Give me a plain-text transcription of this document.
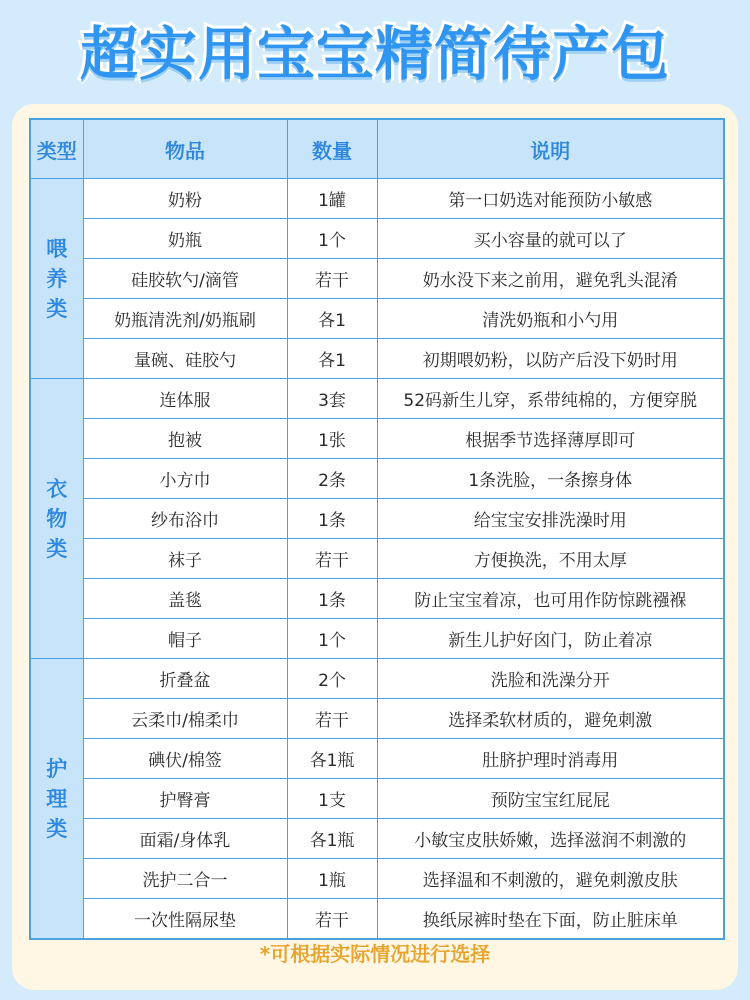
超实用宝宝精简待产包
类型	物品	数量	说明

喂
养
类	奶粉	1罐	第一口奶选对能预防小敏感
	奶瓶	1个	买小容量的就可以了
	硅胶软勺/滴管	若干	奶水没下来之前用，避免乳头混淆
	奶瓶清洗剂/奶瓶刷	各1	清洗奶瓶和小勺用
	量碗、硅胶勺	各1	初期喂奶粉，以防产后没下奶时用

衣
物
类	连体服	3套	52码新生儿穿，系带纯棉的，方便穿脱
	抱被	1张	根据季节选择薄厚即可
	小方巾	2条	1条洗脸，一条擦身体
	纱布浴巾	1条	给宝宝安排洗澡时用
	袜子	若干	方便换洗，不用太厚
	盖毯	1条	防止宝宝着凉，也可用作防惊跳襁褓
	帽子	1个	新生儿护好囟门，防止着凉

护
理
类	折叠盆	2个	洗脸和洗澡分开
	云柔巾/棉柔巾	若干	选择柔软材质的，避免刺激
	碘伏/棉签	各1瓶	肚脐护理时消毒用
	护臀膏	1支	预防宝宝红屁屁
	面霜/身体乳	各1瓶	小敏宝皮肤娇嫩，选择滋润不刺激的
	洗护二合一	1瓶	选择温和不刺激的，避免刺激皮肤
	一次性隔尿垫	若干	换纸尿裤时垫在下面，防止脏床单
*可根据实际情况进行选择
